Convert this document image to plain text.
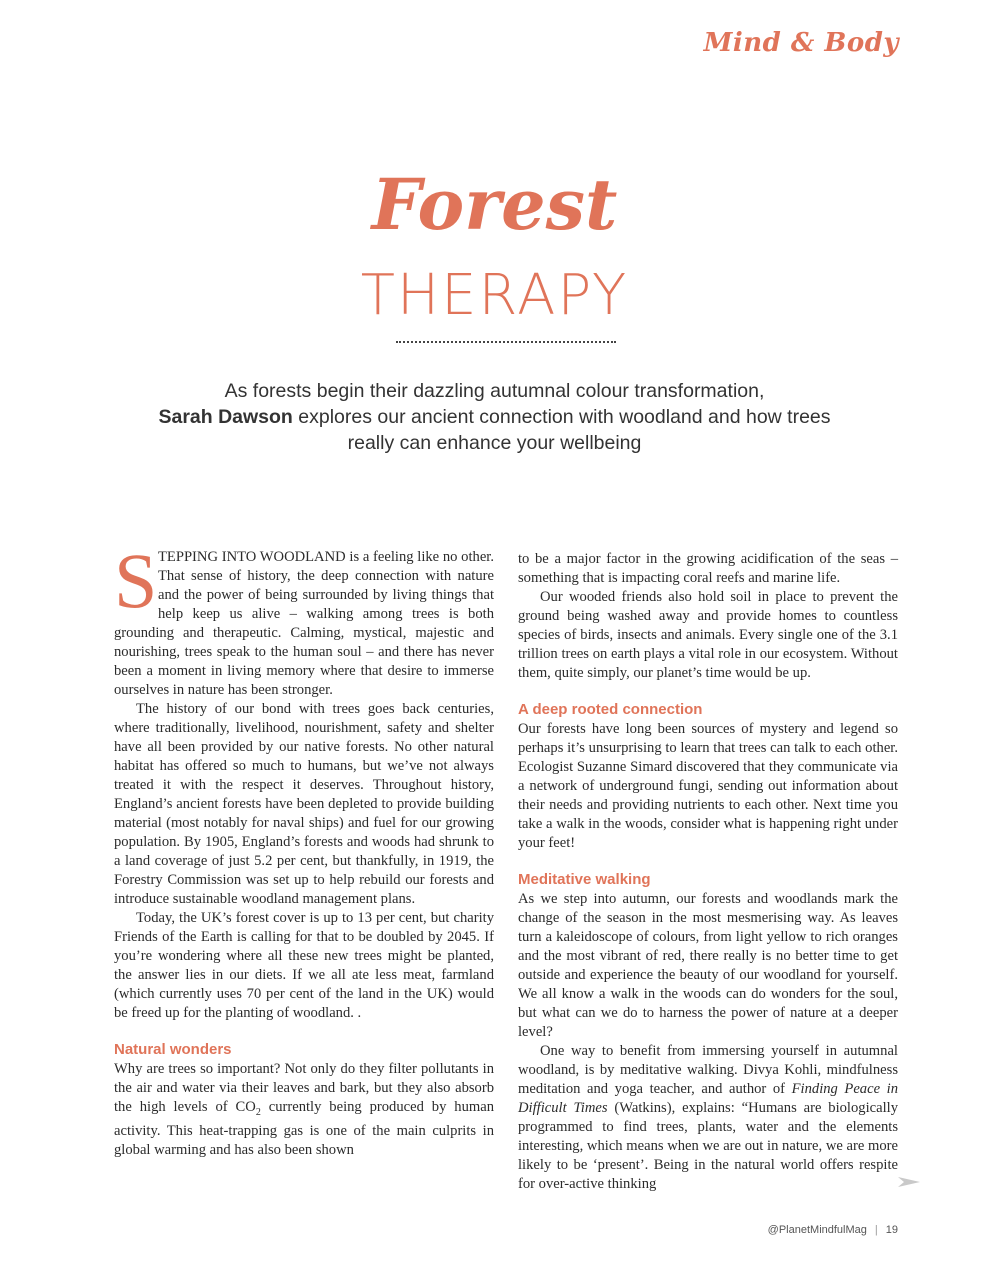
Mind & Body
Forest
THERAPY
As forests begin their dazzling autumnal colour transformation,
Sarah Dawson explores our ancient connection with woodland and how trees really can enhance your wellbeing

STEPPING INTO WOODLAND is a feeling like no other. That sense of history, the deep connection with nature and the power of being surrounded by living things that help keep us alive – walking among trees is both grounding and therapeutic. Calming, mystical, majestic and nourishing, trees speak to the human soul – and there has never been a moment in living memory where that desire to immerse ourselves in nature has been stronger.

The history of our bond with trees goes back centuries, where traditionally, livelihood, nourishment, safety and shelter have all been provided by our native forests. No other natural habitat has offered so much to humans, but we’ve not always treated it with the respect it deserves. Throughout history, England’s ancient forests have been depleted to provide building material (most notably for naval ships) and fuel for our growing population. By 1905, England’s forests and woods had shrunk to a land coverage of just 5.2 per cent, but thankfully, in 1919, the Forestry Commission was set up to help rebuild our forests and introduce sustainable woodland management plans.

Today, the UK’s forest cover is up to 13 per cent, but charity Friends of the Earth is calling for that to be doubled by 2045. If you’re wondering where all these new trees might be planted, the answer lies in our diets. If we all ate less meat, farmland (which currently uses 70 per cent of the land in the UK) would be freed up for the planting of woodland. .

Natural wonders

Why are trees so important? Not only do they filter pollutants in the air and water via their leaves and bark, but they also absorb the high levels of $CO_2$ currently being produced by human activity. This heat-trapping gas is one of the main culprits in global warming and has also been shown

to be a major factor in the growing acidification of the seas – something that is impacting coral reefs and marine life.

Our wooded friends also hold soil in place to prevent the ground being washed away and provide homes to countless species of birds, insects and animals. Every single one of the 3.1 trillion trees on earth plays a vital role in our ecosystem. Without them, quite simply, our planet’s time would be up.

A deep rooted connection

Our forests have long been sources of mystery and legend so perhaps it’s unsurprising to learn that trees can talk to each other. Ecologist Suzanne Simard discovered that they communicate via a network of underground fungi, sending out information about their needs and providing nutrients to each other. Next time you take a walk in the woods, consider what is happening right under your feet!

Meditative walking

As we step into autumn, our forests and woodlands mark the change of the season in the most mesmerising way. As leaves turn a kaleidoscope of colours, from light yellow to rich oranges and the most vibrant of red, there really is no better time to get outside and experience the beauty of our woodland for yourself. We all know a walk in the woods can do wonders for the soul, but what can we do to harness the power of nature at a deeper level?

One way to benefit from immersing yourself in autumnal woodland, is by meditative walking. Divya Kohli, mindfulness meditation and yoga teacher, and author of Finding Peace in Difficult Times (Watkins), explains: “Humans are biologically programmed to find trees, plants, water and the elements interesting, which means when we are out in nature, we are more likely to be ‘present’. Being in the natural world offers respite for over-active thinking

@PlanetMindfulMag | 19
